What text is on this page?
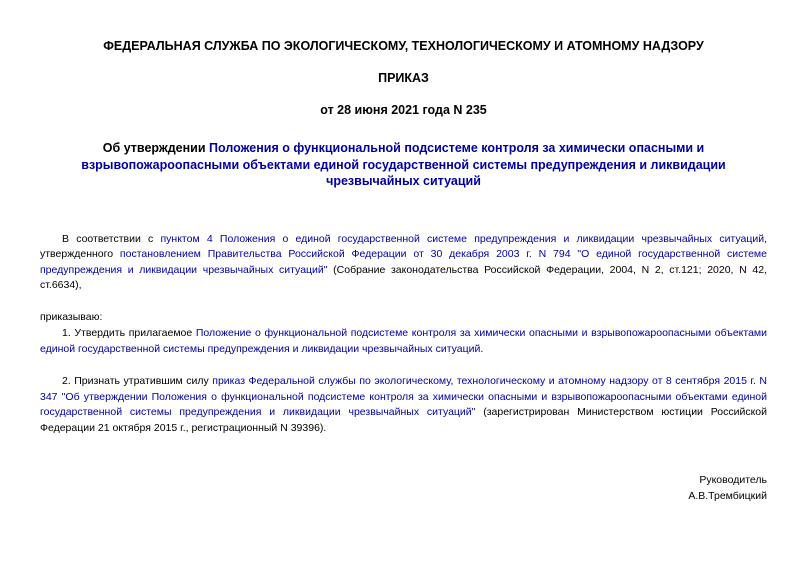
ФЕДЕРАЛЬНАЯ СЛУЖБА ПО ЭКОЛОГИЧЕСКОМУ, ТЕХНОЛОГИЧЕСКОМУ И АТОМНОМУ НАДЗОРУ

ПРИКАЗ

от 28 июня 2021 года N 235

Об утверждении Положения о функциональной подсистеме контроля за химически опасными и взрывопожароопасными объектами единой государственной системы предупреждения и ликвидации чрезвычайных ситуаций

В соответствии с пунктом 4 Положения о единой государственной системе предупреждения и ликвидации чрезвычайных ситуаций, утвержденного постановлением Правительства Российской Федерации от 30 декабря 2003 г. N 794 "О единой государственной системе предупреждения и ликвидации чрезвычайных ситуаций" (Собрание законодательства Российской Федерации, 2004, N 2, ст.121; 2020, N 42, ст.6634),

приказываю:

1. Утвердить прилагаемое Положение о функциональной подсистеме контроля за химически опасными и взрывопожароопасными объектами единой государственной системы предупреждения и ликвидации чрезвычайных ситуаций.

2. Признать утратившим силу приказ Федеральной службы по экологическому, технологическому и атомному надзору от 8 сентября 2015 г. N 347 "Об утверждении Положения о функциональной подсистеме контроля за химически опасными и взрывопожароопасными объектами единой государственной системы предупреждения и ликвидации чрезвычайных ситуаций" (зарегистрирован Министерством юстиции Российской Федерации 21 октября 2015 г., регистрационный N 39396).

Руководитель
А.В.Трембицкий
